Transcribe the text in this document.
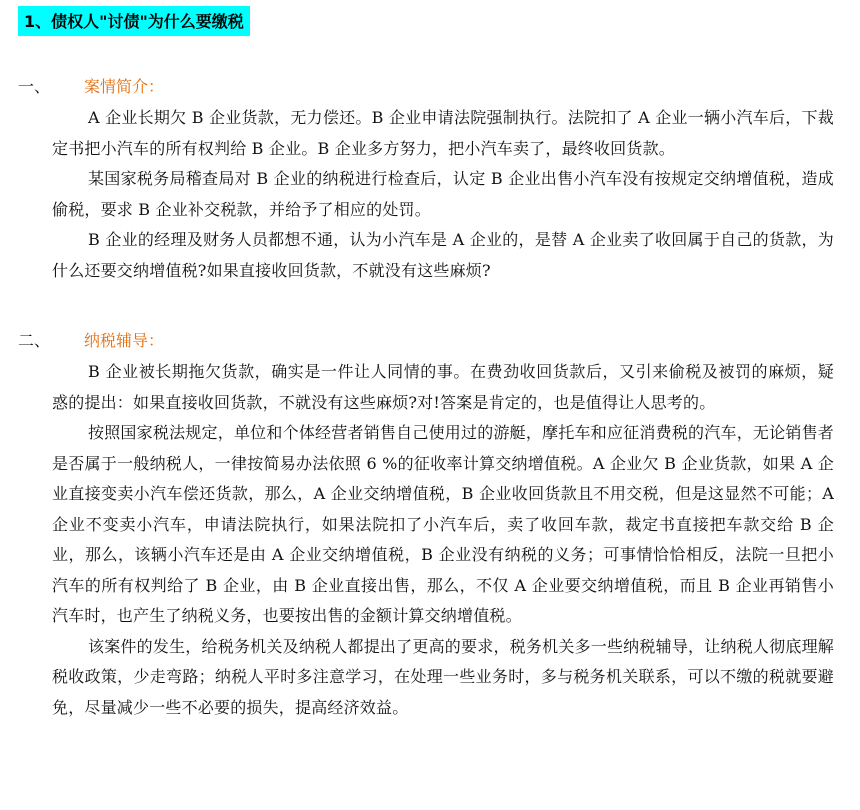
1、债权人"讨债"为什么要缴税
一、 案情简介：

A 企业长期欠 B 企业货款，无力偿还。B 企业申请法院强制执行。法院扣了 A 企业一辆小汽车后，下裁定书把小汽车的所有权判给 B 企业。B 企业多方努力，把小汽车卖了，最终收回货款。

某国家税务局稽查局对 B 企业的纳税进行检查后，认定 B 企业出售小汽车没有按规定交纳增值税，造成偷税，要求 B 企业补交税款，并给予了相应的处罚。

B 企业的经理及财务人员都想不通，认为小汽车是 A 企业的，是替 A 企业卖了收回属于自己的货款，为什么还要交纳增值税?如果直接收回货款，不就没有这些麻烦?

二、 纳税辅导：

B 企业被长期拖欠货款，确实是一件让人同情的事。在费劲收回货款后，又引来偷税及被罚的麻烦，疑惑的提出：如果直接收回货款，不就没有这些麻烦?对!答案是肯定的，也是值得让人思考的。

按照国家税法规定，单位和个体经营者销售自己使用过的游艇，摩托车和应征消费税的汽车，无论销售者是否属于一般纳税人，一律按简易办法依照 6 %的征收率计算交纳增值税。A 企业欠 B 企业货款，如果 A 企业直接变卖小汽车偿还货款，那么，A 企业交纳增值税，B 企业收回货款且不用交税，但是这显然不可能；A 企业不变卖小汽车，申请法院执行，如果法院扣了小汽车后，卖了收回车款，裁定书直接把车款交给 B 企业，那么，该辆小汽车还是由 A 企业交纳增值税，B 企业没有纳税的义务；可事情恰恰相反，法院一旦把小汽车的所有权判给了 B 企业，由 B 企业直接出售，那么，不仅 A 企业要交纳增值税，而且 B 企业再销售小汽车时，也产生了纳税义务，也要按出售的金额计算交纳增值税。

该案件的发生，给税务机关及纳税人都提出了更高的要求，税务机关多一些纳税辅导，让纳税人彻底理解税收政策，少走弯路；纳税人平时多注意学习，在处理一些业务时，多与税务机关联系，可以不缴的税就要避免，尽量减少一些不必要的损失，提高经济效益。
